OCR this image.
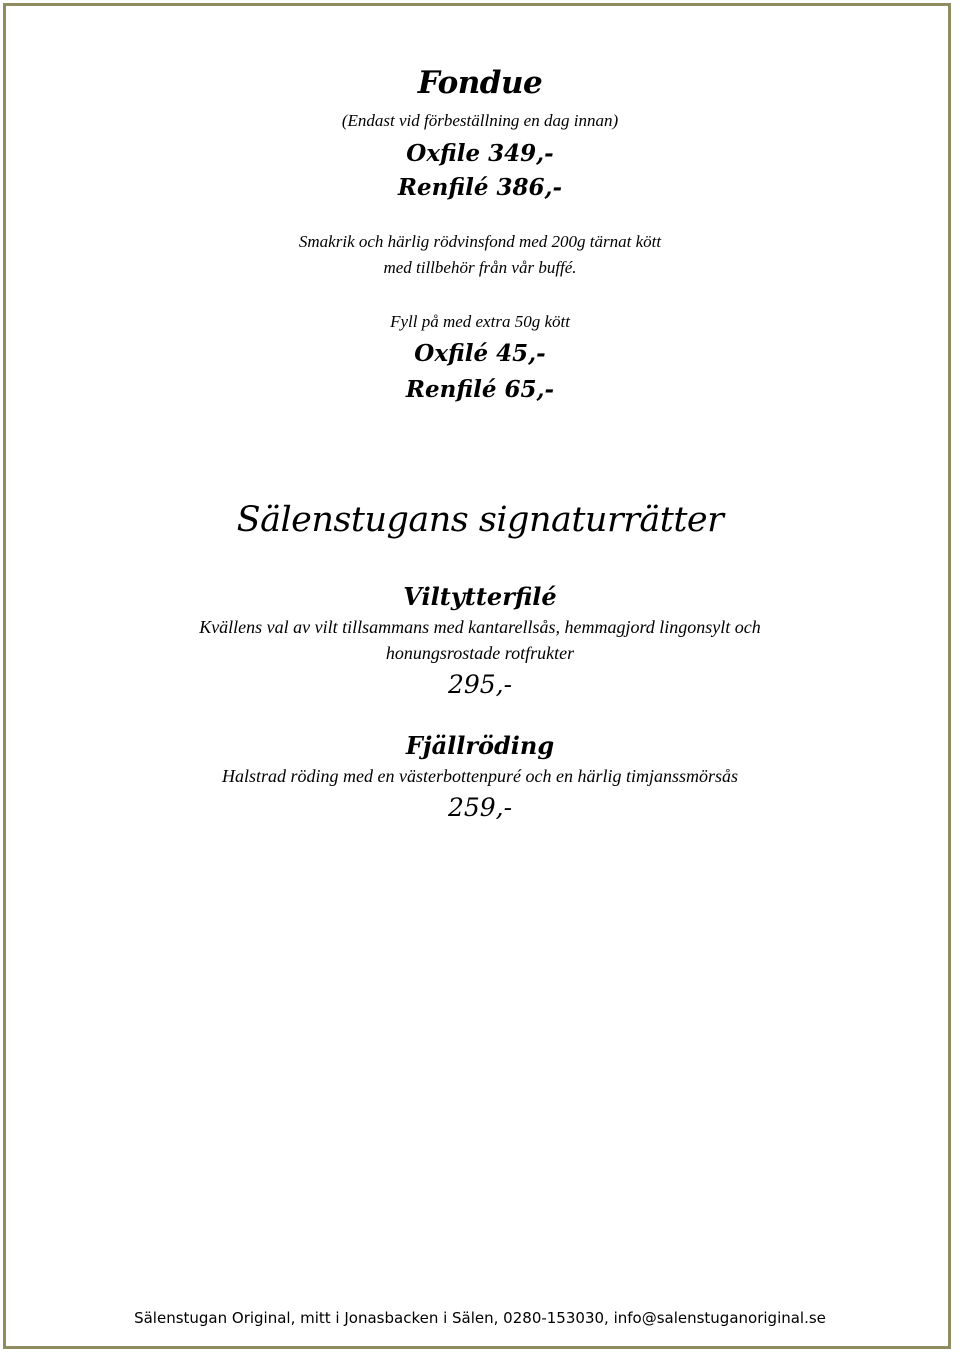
Fondue
(Endast vid förbeställning en dag innan)
Oxfile 349,-
Renfilé 386,-
Smakrik och härlig rödvinsfond med 200g tärnat kött
med tillbehör från vår buffé.
Fyll på med extra 50g kött
Oxfilé 45,-
Renfilé 65,-
Sälenstugans signaturrätter
Viltytterfilé
Kvällens val av vilt tillsammans med kantarellsås, hemmagjord lingonsylt och
honungsrostade rotfrukter
295,-
Fjällröding
Halstrad röding med en västerbottenpuré och en härlig timjanssmörsås
259,-
Sälenstugan Original, mitt i Jonasbacken i Sälen, 0280-153030, info@salenstuganoriginal.se
